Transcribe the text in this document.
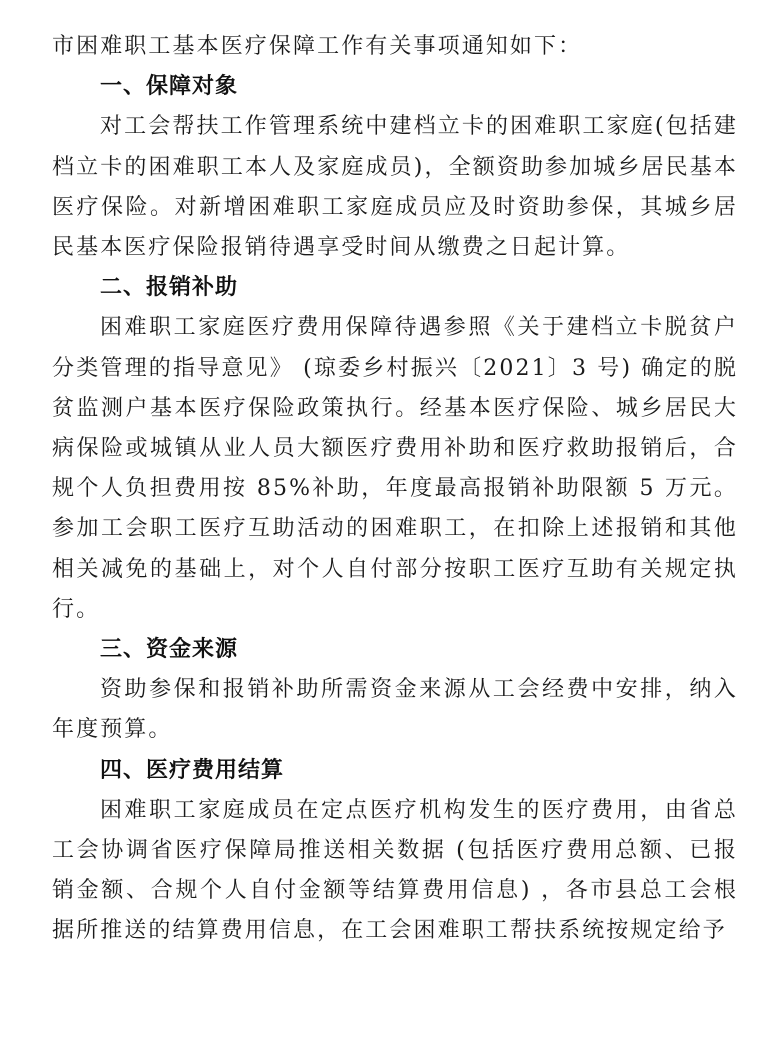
市困难职工基本医疗保障工作有关事项通知如下：

一、保障对象

对工会帮扶工作管理系统中建档立卡的困难职工家庭(包括建档立卡的困难职工本人及家庭成员)，全额资助参加城乡居民基本医疗保险。对新增困难职工家庭成员应及时资助参保，其城乡居民基本医疗保险报销待遇享受时间从缴费之日起计算。

二、报销补助

困难职工家庭医疗费用保障待遇参照《关于建档立卡脱贫户分类管理的指导意见》 (琼委乡村振兴〔2021〕3 号) 确定的脱贫监测户基本医疗保险政策执行。经基本医疗保险、城乡居民大病保险或城镇从业人员大额医疗费用补助和医疗救助报销后，合规个人负担费用按 85%补助，年度最高报销补助限额 5 万元。参加工会职工医疗互助活动的困难职工，在扣除上述报销和其他相关减免的基础上，对个人自付部分按职工医疗互助有关规定执行。

三、资金来源

资助参保和报销补助所需资金来源从工会经费中安排，纳入年度预算。

四、医疗费用结算

困难职工家庭成员在定点医疗机构发生的医疗费用，由省总工会协调省医疗保障局推送相关数据 (包括医疗费用总额、已报销金额、合规个人自付金额等结算费用信息) ，各市县总工会根据所推送的结算费用信息，在工会困难职工帮扶系统按规定给予
